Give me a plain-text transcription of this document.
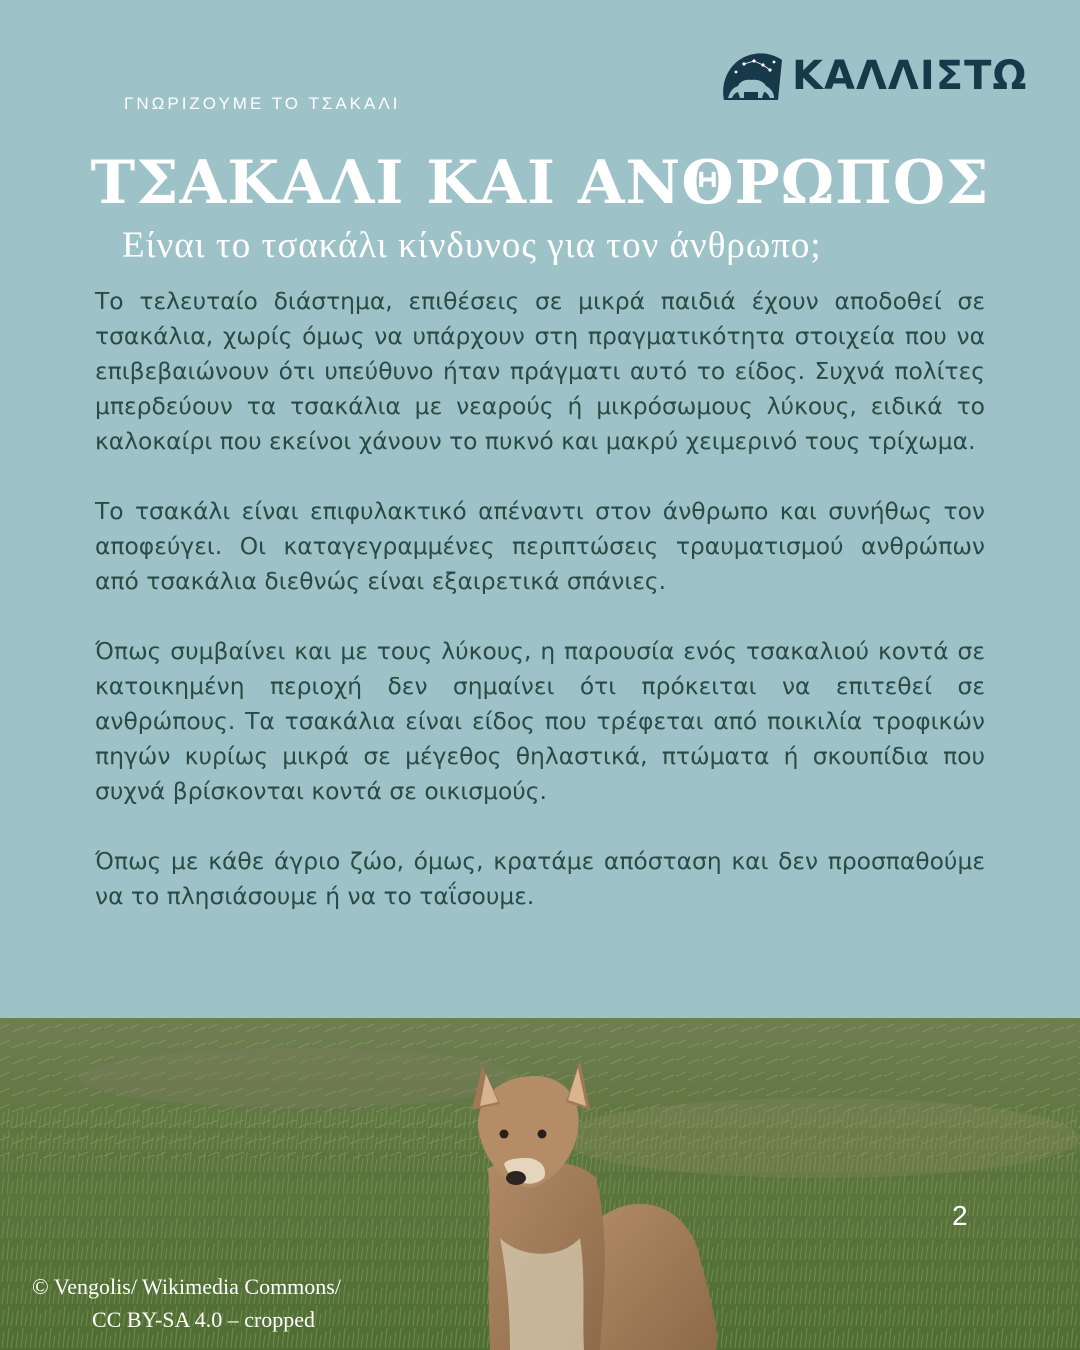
ΚΑΛΛΙΣΤΩ
ΓΝΩΡΙΖΟΥΜΕ ΤΟ ΤΣΑΚΑΛΙ
ΤΣΑΚΑΛΙ ΚΑΙ ΑΝΘΡΩΠΟΣ
Είναι το τσακάλι κίνδυνος για τον άνθρωπο;

Το τελευταίο διάστημα, επιθέσεις σε μικρά παιδιά έχουν αποδοθεί σε τσακάλια, χωρίς όμως να υπάρχουν στη πραγματικότητα στοιχεία που να επιβεβαιώνουν ότι υπεύθυνο ήταν πράγματι αυτό το είδος. Συχνά πολίτες μπερδεύουν τα τσακάλια με νεαρούς ή μικρόσωμους λύκους, ειδικά το καλοκαίρι που εκείνοι χάνουν το πυκνό και μακρύ χειμερινό τους τρίχωμα.

Το τσακάλι είναι επιφυλακτικό απέναντι στον άνθρωπο και συνήθως τον αποφεύγει. Οι καταγεγραμμένες περιπτώσεις τραυματισμού ανθρώπων από τσακάλια διεθνώς είναι εξαιρετικά σπάνιες.

Όπως συμβαίνει και με τους λύκους, η παρουσία ενός τσακαλιού κοντά σε κατοικημένη περιοχή δεν σημαίνει ότι πρόκειται να επιτεθεί σε ανθρώπους. Τα τσακάλια είναι είδος που τρέφεται από ποικιλία τροφικών πηγών κυρίως μικρά σε μέγεθος θηλαστικά, πτώματα ή σκουπίδια που συχνά βρίσκονται κοντά σε οικισμούς.

Όπως με κάθε άγριο ζώο, όμως, κρατάμε απόσταση και δεν προσπαθούμε να το πλησιάσουμε ή να το ταΐσουμε.

2
© Vengolis/ Wikimedia Commons/
CC BY-SA 4.0 – cropped
